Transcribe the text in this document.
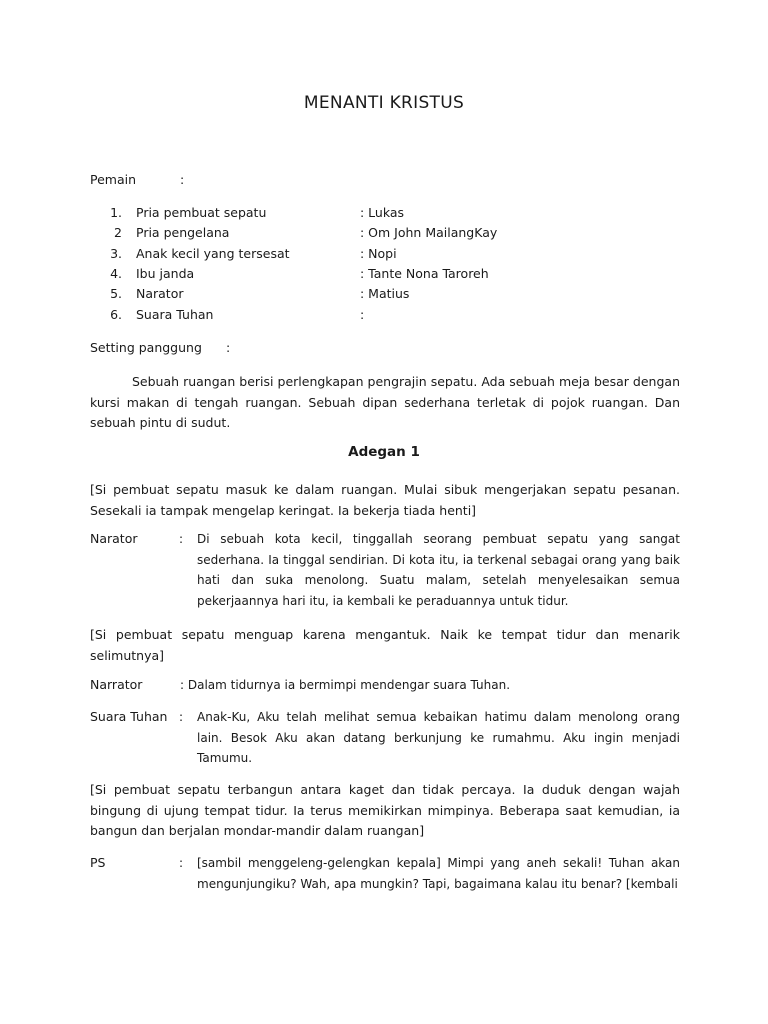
MENANTI KRISTUS
Pemain	:
1. Pria pembuat sepatu	: Lukas
2 Pria pengelana	: Om John MailangKay
3. Anak kecil yang tersesat	: Nopi
4. Ibu janda	: Tante Nona Taroreh
5. Narator	: Matius
6. Suara Tuhan	:
Setting panggung :
Sebuah ruangan berisi perlengkapan pengrajin sepatu. Ada sebuah meja besar dengan kursi makan di tengah ruangan. Sebuah dipan sederhana terletak di pojok ruangan. Dan sebuah pintu di sudut.
Adegan 1
[Si pembuat sepatu masuk ke dalam ruangan. Mulai sibuk mengerjakan sepatu pesanan. Sesekali ia tampak mengelap keringat. Ia bekerja tiada henti]
Narator	: Di sebuah kota kecil, tinggallah seorang pembuat sepatu yang sangat sederhana. Ia tinggal sendirian. Di kota itu, ia terkenal sebagai orang yang baik hati dan suka menolong. Suatu malam, setelah menyelesaikan semua pekerjaannya hari itu, ia kembali ke peraduannya untuk tidur.
[Si pembuat sepatu menguap karena mengantuk. Naik ke tempat tidur dan menarik selimutnya]
Narrator	: Dalam tidurnya ia bermimpi mendengar suara Tuhan.
Suara Tuhan : Anak-Ku, Aku telah melihat semua kebaikan hatimu dalam menolong orang lain. Besok Aku akan datang berkunjung ke rumahmu. Aku ingin menjadi Tamumu.
[Si pembuat sepatu terbangun antara kaget dan tidak percaya. Ia duduk dengan wajah bingung di ujung tempat tidur. Ia terus memikirkan mimpinya. Beberapa saat kemudian, ia bangun dan berjalan mondar-mandir dalam ruangan]
PS	: [sambil menggeleng-gelengkan kepala] Mimpi yang aneh sekali! Tuhan akan mengunjungiku? Wah, apa mungkin? Tapi, bagaimana kalau itu benar? [kembali
